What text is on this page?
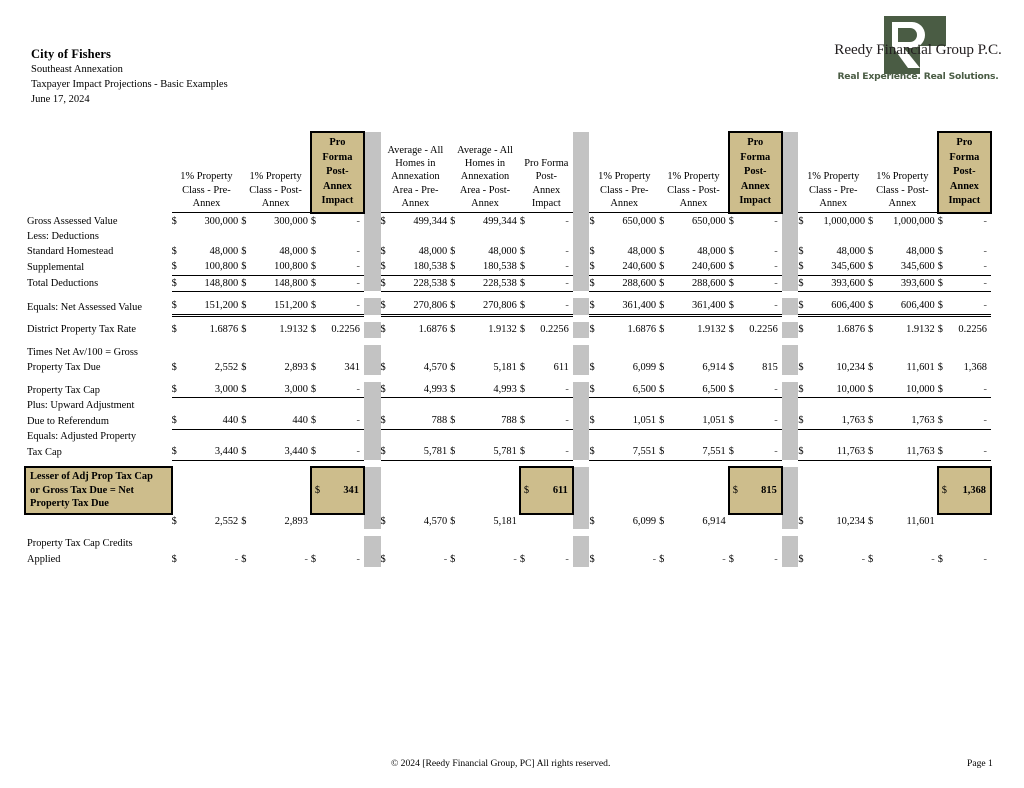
City of Fishers
Southeast Annexation
Taxpayer Impact Projections - Basic Examples
June 17, 2024
Reedy Financial Group P.C.
Real Experience. Real Solutions.

1% Property
Class - Pre-
Annex

1% Property
Class - Post-
Annex

Pro
Forma
Post-
Annex
Impact

Average - All
Homes in
Annexation
Area - Pre-
Annex

Average - All
Homes in
Annexation
Area - Post-
Annex

Pro Forma
Post-
Annex
Impact

1% Property
Class - Pre-
Annex

1% Property
Class - Post-
Annex

Pro
Forma
Post-
Annex
Impact

1% Property
Class - Pre-
Annex

1% Property
Class - Post-
Annex

Pro
Forma
Post-
Annex
Impact

Gross Assessed Value	$	300,000	$	300,000	$	-		$	499,344	$	499,344	$	-		$	650,000	$	650,000	$	-		$	1,000,000	$	1,000,000	$	-
Less: Deductions																											
Standard Homestead	$	48,000	$	48,000	$	-		$	48,000	$	48,000	$	-		$	48,000	$	48,000	$	-		$	48,000	$	48,000	$	-
Supplemental	$	100,800	$	100,800	$	-		$	180,538	$	180,538	$	-		$	240,600	$	240,600	$	-		$	345,600	$	345,600	$	-
Total Deductions	$	148,800	$	148,800	$	-		$	228,538	$	228,538	$	-		$	288,600	$	288,600	$	-		$	393,600	$	393,600	$	-

Equals: Net Assessed Value	$	151,200	$	151,200	$	-		$	270,806	$	270,806	$	-		$	361,400	$	361,400	$	-		$	606,400	$	606,400	$	-

District Property Tax Rate	$	1.6876	$	1.9132	$	0.2256		$	1.6876	$	1.9132	$	0.2256		$	1.6876	$	1.9132	$	0.2256		$	1.6876	$	1.9132	$	0.2256

Times Net Av/100 = Gross																											
Property Tax Due	$	2,552	$	2,893	$	341		$	4,570	$	5,181	$	611		$	6,099	$	6,914	$	815		$	10,234	$	11,601	$	1,368

Property Tax Cap	$	3,000	$	3,000	$	-		$	4,993	$	4,993	$	-		$	6,500	$	6,500	$	-		$	10,000	$	10,000	$	-
Plus: Upward Adjustment																											
Due to Referendum	$	440	$	440	$	-		$	788	$	788	$	-		$	1,051	$	1,051	$	-		$	1,763	$	1,763	$	-
Equals: Adjusted Property																											
Tax Cap	$	3,440	$	3,440	$	-		$	5,781	$	5,781	$	-		$	7,551	$	7,551	$	-		$	11,763	$	11,763	$	-

Lesser of Adj Prop Tax Cap
or Gross Tax Due = Net
Property Tax Due					$	341						$	611						$	815						$	1,368

	$	2,552	$	2,893				$	4,570	$	5,181				$	6,099	$	6,914				$	10,234	$	11,601		

Property Tax Cap Credits																											
Applied	$	-	$	-	$	-		$	-	$	-	$	-		$	-	$	-	$	-		$	-	$	-	$	-
© 2024 [Reedy Financial Group, PC] All rights reserved.	Page 1
